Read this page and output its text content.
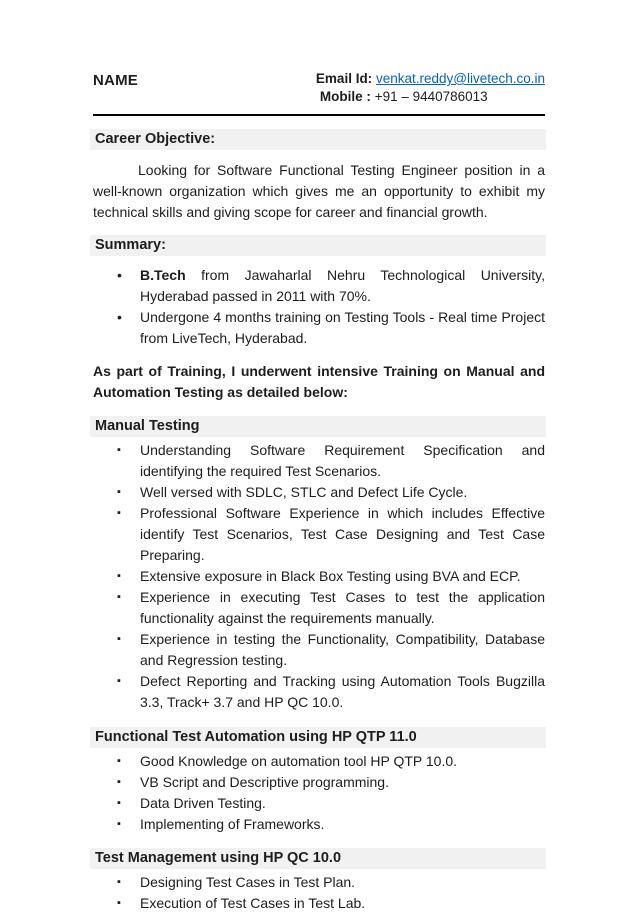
NAME	Email Id: venkat.reddy@livetech.co.in
Mobile : +91 – 9440786013
Career Objective:

Looking for Software Functional Testing Engineer position in a well-known organization which gives me an opportunity to exhibit my technical skills and giving scope for career and financial growth.

Summary:
•	B.Tech from Jawaharlal Nehru Technological University, Hyderabad passed in 2011 with 70%.
•	Undergone 4 months training on Testing Tools - Real time Project from LiveTech, Hyderabad.

As part of Training, I underwent intensive Training on Manual and Automation Testing as detailed below:

Manual Testing
▪	Understanding Software Requirement Specification and identifying the required Test Scenarios.
▪	Well versed with SDLC, STLC and Defect Life Cycle.
▪	Professional Software Experience in which includes Effective identify Test Scenarios, Test Case Designing and Test Case Preparing.
▪	Extensive exposure in Black Box Testing using BVA and ECP.
▪	Experience in executing Test Cases to test the application functionality against the requirements manually.
▪	Experience in testing the Functionality, Compatibility, Database and Regression testing.
▪	Defect Reporting and Tracking using Automation Tools Bugzilla 3.3, Track+ 3.7 and HP QC 10.0.
Functional Test Automation using HP QTP 11.0
▪	Good Knowledge on automation tool HP QTP 10.0.
▪	VB Script and Descriptive programming.
▪	Data Driven Testing.
▪	Implementing of Frameworks.
Test Management using HP QC 10.0
▪	Designing Test Cases in Test Plan.
▪	Execution of Test Cases in Test Lab.
